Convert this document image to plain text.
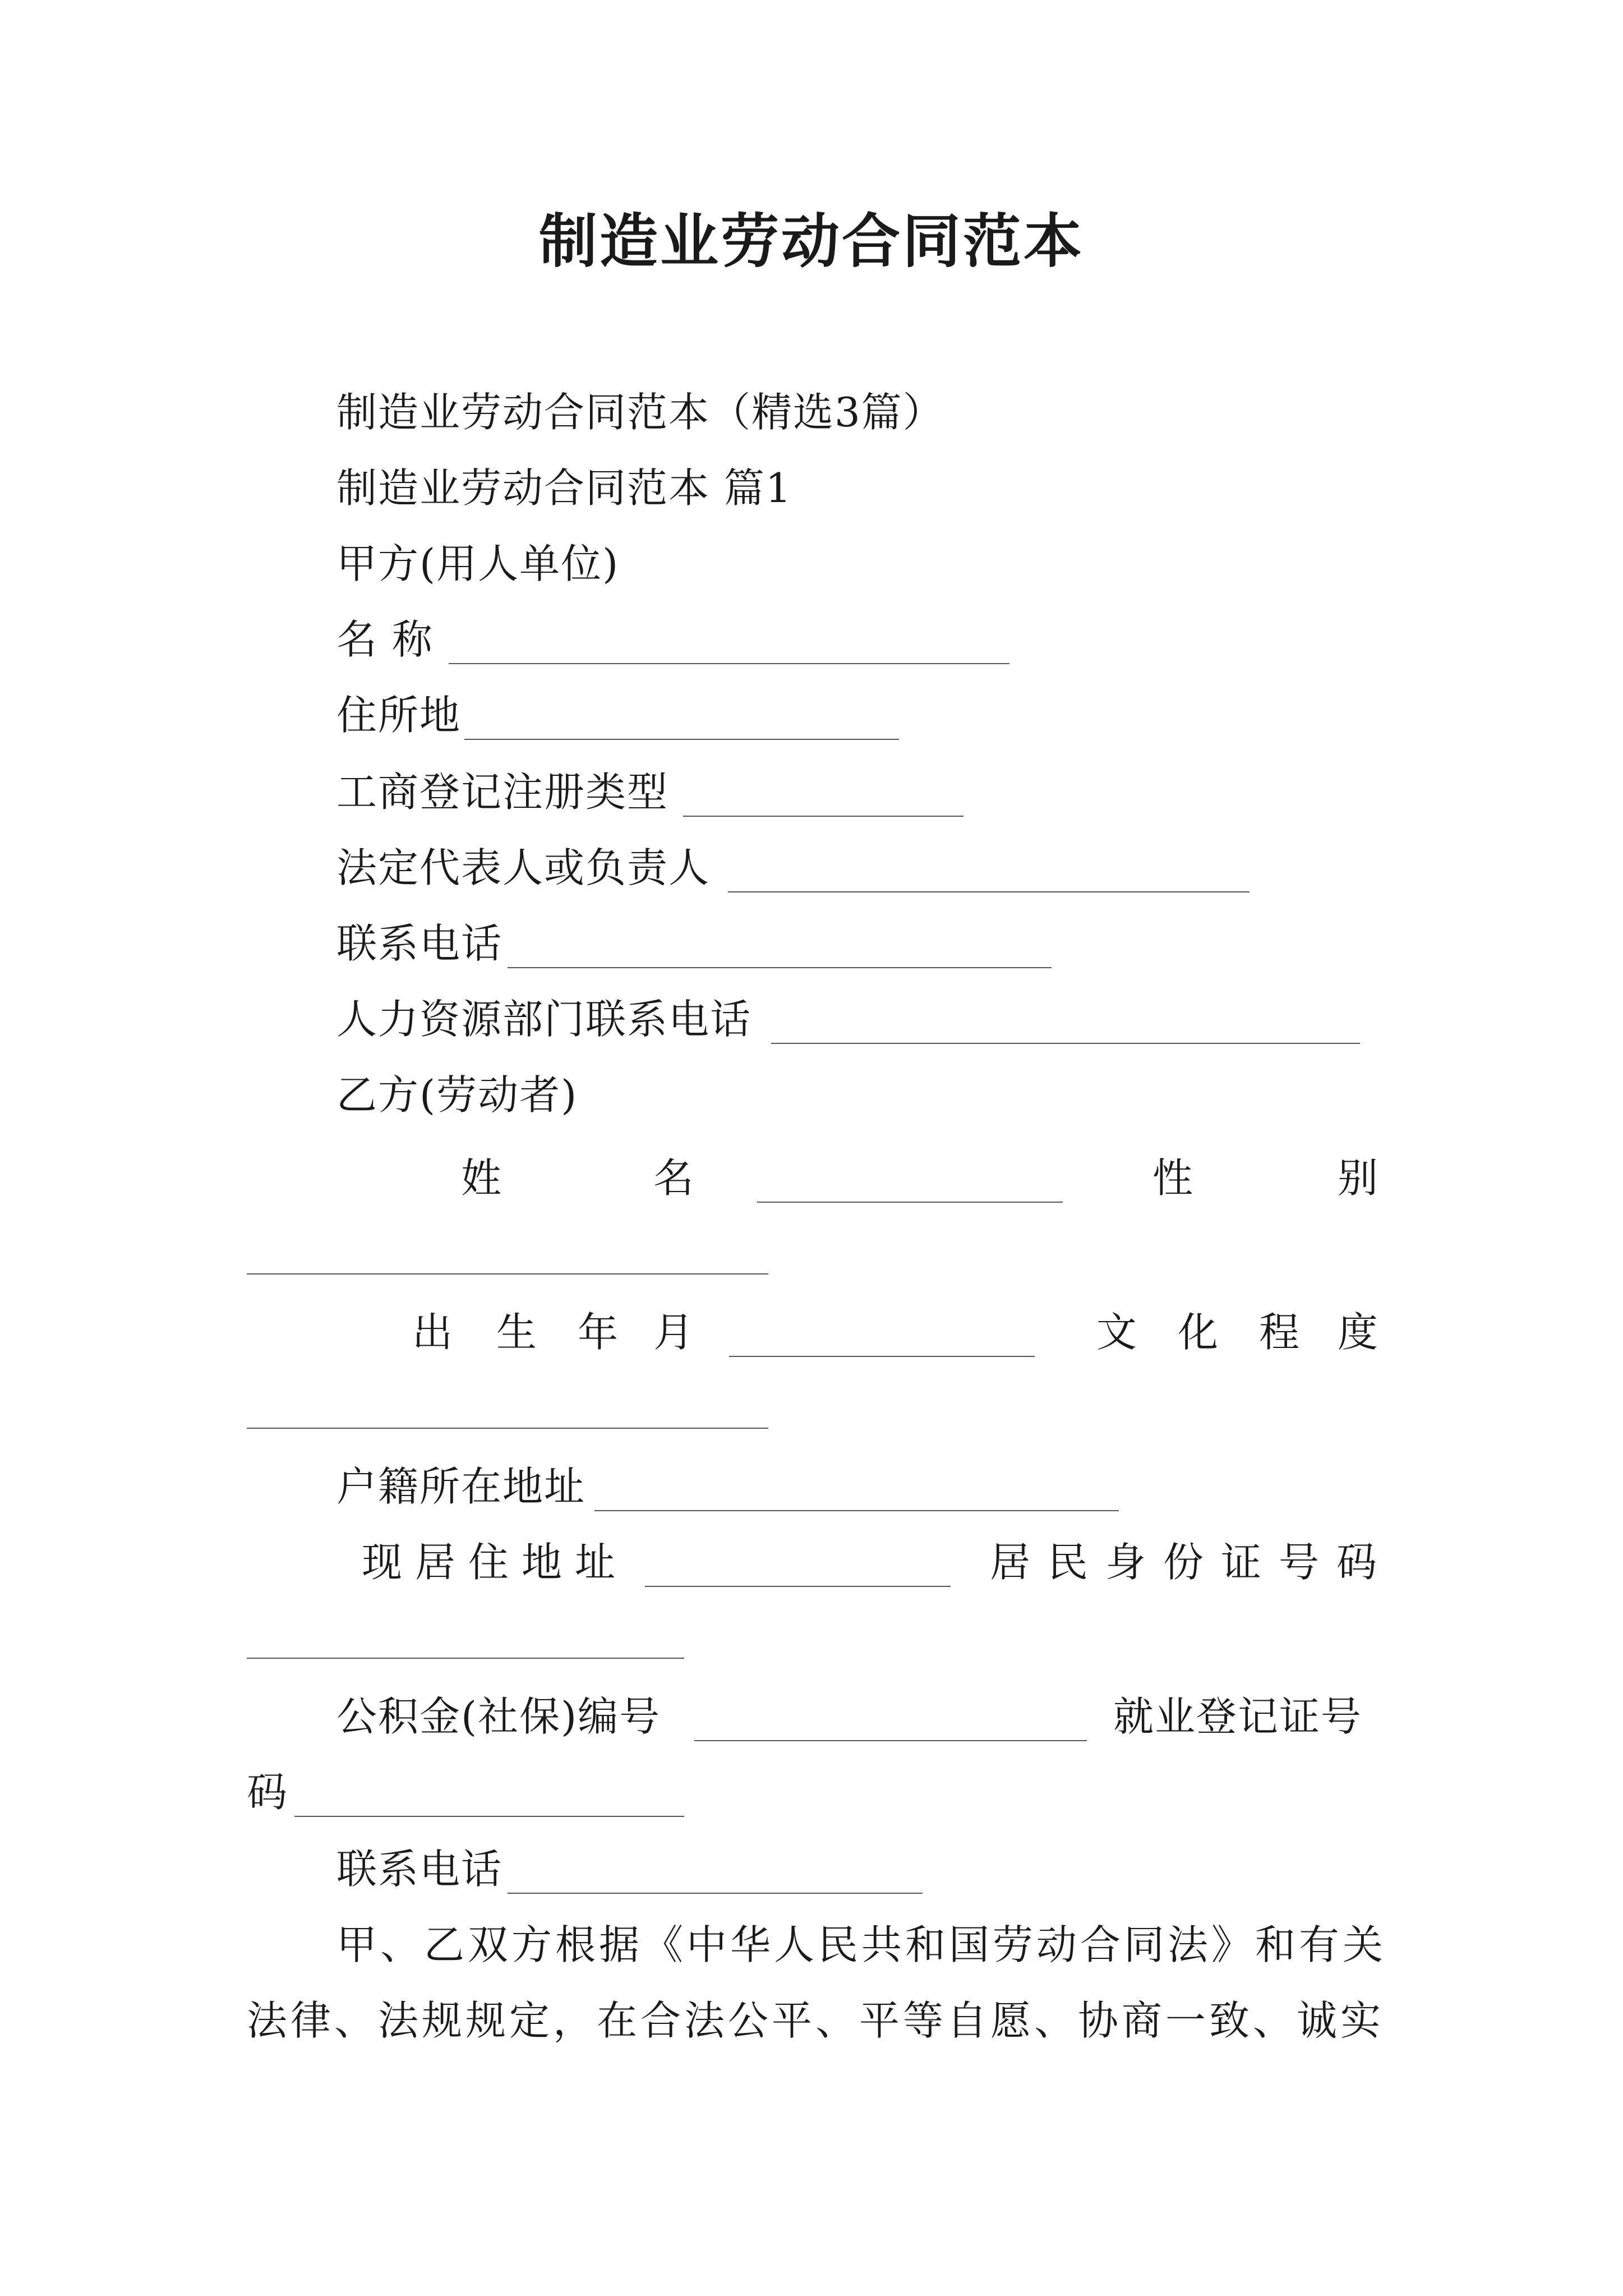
制造业劳动合同范本
制造业劳动合同范本（精选3篇）
制造业劳动合同范本 篇1
甲方(用人单位)
名 称
住所地
工商登记注册类型
法定代表人或负责人
联系电话
人力资源部门联系电话
乙方(劳动者)
姓	名	性	别
出 生 年 月	文 化 程 度
户籍所在地址
现 居 住 地 址	居 民 身 份 证 号 码
公积金(社保)编号	就业登记证号
码
联系电话
甲、乙双方根据《中华人民共和国劳动合同法》和有关
法律、法规规定，在合法公平、平等自愿、协商一致、诚实
